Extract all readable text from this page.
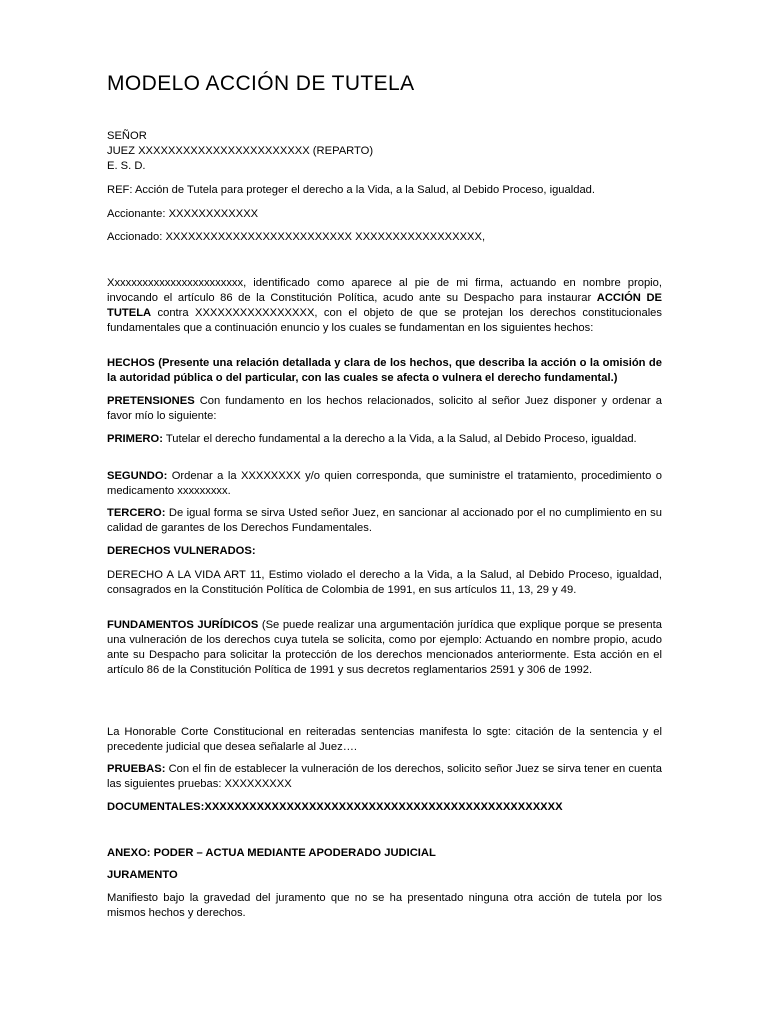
MODELO ACCIÓN DE TUTELA

SEÑOR

JUEZ XXXXXXXXXXXXXXXXXXXXXXX (REPARTO)

E. S. D.

REF: Acción de Tutela para proteger el derecho a la Vida, a la Salud, al Debido Proceso, igualdad.

Accionante: XXXXXXXXXXXX

Accionado: XXXXXXXXXXXXXXXXXXXXXXXXX XXXXXXXXXXXXXXXXX,

Xxxxxxxxxxxxxxxxxxxxxxxx, identificado como aparece al pie de mi firma, actuando en nombre propio, invocando el artículo 86 de la Constitución Política, acudo ante su Despacho para instaurar ACCIÓN DE TUTELA contra XXXXXXXXXXXXXXXX, con el objeto de que se protejan los derechos constitucionales fundamentales que a continuación enuncio y los cuales se fundamentan en los siguientes hechos:

HECHOS (Presente una relación detallada y clara de los hechos, que describa la acción o la omisión de la autoridad pública o del particular, con las cuales se afecta o vulnera el derecho fundamental.)

PRETENSIONES Con fundamento en los hechos relacionados, solicito al señor Juez disponer y ordenar a favor mío lo siguiente:

PRIMERO: Tutelar el derecho fundamental a la derecho a la Vida, a la Salud, al Debido Proceso, igualdad.

SEGUNDO: Ordenar a la XXXXXXXX y/o quien corresponda, que suministre el tratamiento, procedimiento o medicamento xxxxxxxxx.

TERCERO: De igual forma se sirva Usted señor Juez, en sancionar al accionado por el no cumplimiento en su calidad de garantes de los Derechos Fundamentales.

DERECHOS VULNERADOS:

DERECHO A LA VIDA ART 11, Estimo violado el derecho a la Vida, a la Salud, al Debido Proceso, igualdad, consagrados en la Constitución Política de Colombia de 1991, en sus artículos 11, 13, 29 y 49.

FUNDAMENTOS JURÍDICOS (Se puede realizar una argumentación jurídica que explique porque se presenta una vulneración de los derechos cuya tutela se solicita, como por ejemplo: Actuando en nombre propio, acudo ante su Despacho para solicitar la protección de los derechos mencionados anteriormente. Esta acción en el artículo 86 de la Constitución Política de 1991 y sus decretos reglamentarios 2591 y 306 de 1992.

La Honorable Corte Constitucional en reiteradas sentencias manifesta lo sgte: citación de la sentencia y el precedente judicial que desea señalarle al Juez….

PRUEBAS: Con el fin de establecer la vulneración de los derechos, solicito señor Juez se sirva tener en cuenta las siguientes pruebas: XXXXXXXXX

DOCUMENTALES:XXXXXXXXXXXXXXXXXXXXXXXXXXXXXXXXXXXXXXXXXXXXXXXX

ANEXO: PODER – ACTUA MEDIANTE APODERADO JUDICIAL

JURAMENTO

Manifiesto bajo la gravedad del juramento que no se ha presentado ninguna otra acción de tutela por los mismos hechos y derechos.
